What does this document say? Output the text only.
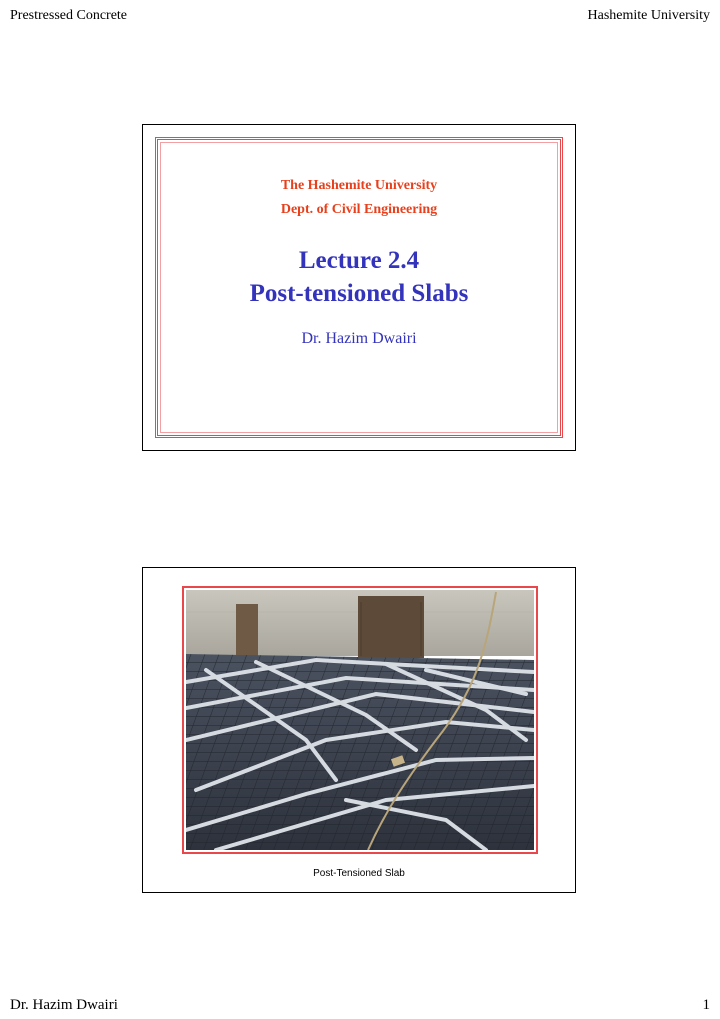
Prestressed Concrete	Hashemite University
The Hashemite University
Dept. of Civil Engineering
Lecture 2.4
Post-tensioned Slabs
Dr. Hazim Dwairi
Post-Tensioned Slab
Dr. Hazim Dwairi	1
